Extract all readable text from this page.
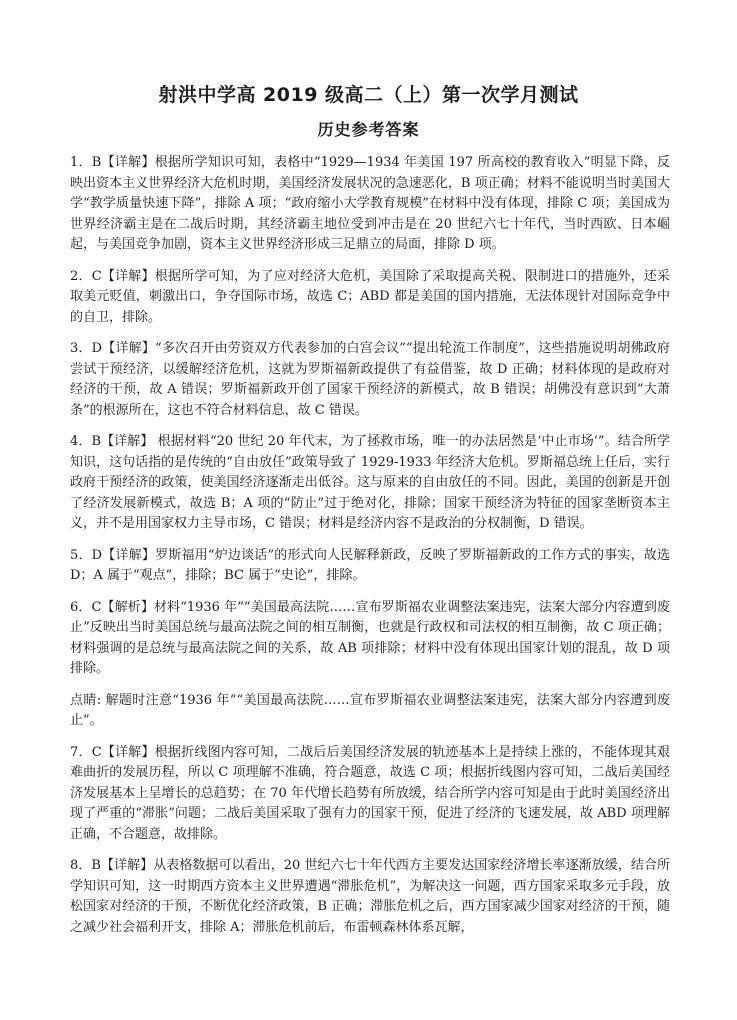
射洪中学高 2019 级高二（上）第一次学月测试
历史参考答案

1．B【详解】根据所学知识可知，表格中“1929—1934 年美国 197 所高校的教育收入”明显下降，反映出资本主义世界经济大危机时期，美国经济发展状况的急速恶化，B 项正确；材料不能说明当时美国大学“教学质量快速下降”，排除 A 项；“政府缩小大学教育规模”在材料中没有体现，排除 C 项；美国成为世界经济霸主是在二战后时期，其经济霸主地位受到冲击是在 20 世纪六七十年代，当时西欧、日本崛起，与美国竞争加剧，资本主义世界经济形成三足鼎立的局面，排除 D 项。

2．C【详解】根据所学可知，为了应对经济大危机，美国除了采取提高关税、限制进口的措施外，还采取美元贬值，刺激出口，争夺国际市场，故选 C；ABD 都是美国的国内措施，无法体现针对国际竞争中的自卫，排除。

3．D【详解】“多次召开由劳资双方代表参加的白宫会议”“提出轮流工作制度”，这些措施说明胡佛政府尝试干预经济，以缓解经济危机，这就为罗斯福新政提供了有益借鉴，故 D 正确；材料体现的是政府对经济的干预，故 A 错误；罗斯福新政开创了国家干预经济的新模式，故 B 错误；胡佛没有意识到“大萧条”的根源所在，这也不符合材料信息，故 C 错误。

4．B【详解】 根据材料“20 世纪 20 年代末，为了拯救市场，唯一的办法居然是‘中止市场’”。结合所学知识，这句话指的是传统的“自由放任”政策导致了 1929-1933 年经济大危机。罗斯福总统上任后，实行政府干预经济的政策，使美国经济逐渐走出低谷。这与原来的自由放任的不同。因此，美国的创新是开创了经济发展新模式，故选 B；A 项的“防止”过于绝对化，排除；国家干预经济为特征的国家垄断资本主义，并不是用国家权力主导市场，C 错误；材料是经济内容不是政治的分权制衡，D 错误。

5．D【详解】罗斯福用“炉边谈话”的形式向人民解释新政，反映了罗斯福新政的工作方式的事实，故选 D；A 属于“观点”，排除；BC 属于“史论”，排除。

6．C【解析】材料“1936 年”“美国最高法院……宣布罗斯福农业调整法案违宪，法案大部分内容遭到废止”反映出当时美国总统与最高法院之间的相互制衡，也就是行政权和司法权的相互制衡，故 C 项正确；材料强调的是总统与最高法院之间的关系，故 AB 项排除；材料中没有体现出国家计划的混乱，故 D 项排除。

点睛: 解题时注意“1936 年”“美国最高法院……宣布罗斯福农业调整法案违宪，法案大部分内容遭到废止”。

7．C【详解】根据折线图内容可知，二战后后美国经济发展的轨迹基本上是持续上涨的，不能体现其艰难曲折的发展历程，所以 C 项理解不准确，符合题意，故选 C 项；根据折线图内容可知，二战后美国经济发展基本上呈增长的总趋势；在 70 年代增长趋势有所放缓，结合所学内容可知是由于此时美国经济出现了严重的“滞胀”问题；二战后美国采取了强有力的国家干预，促进了经济的飞速发展，故 ABD 项理解正确，不合题意，故排除。

8．B【详解】从表格数据可以看出，20 世纪六七十年代西方主要发达国家经济增长率逐渐放缓，结合所学知识可知，这一时期西方资本主义世界遭遇“滞胀危机”，为解决这一问题，西方国家采取多元手段，放松国家对经济的干预，不断优化经济政策，B 正确；滞胀危机之后，西方国家减少国家对经济的干预，随之减少社会福利开支，排除 A；滞胀危机前后，布雷顿森林体系瓦解，
